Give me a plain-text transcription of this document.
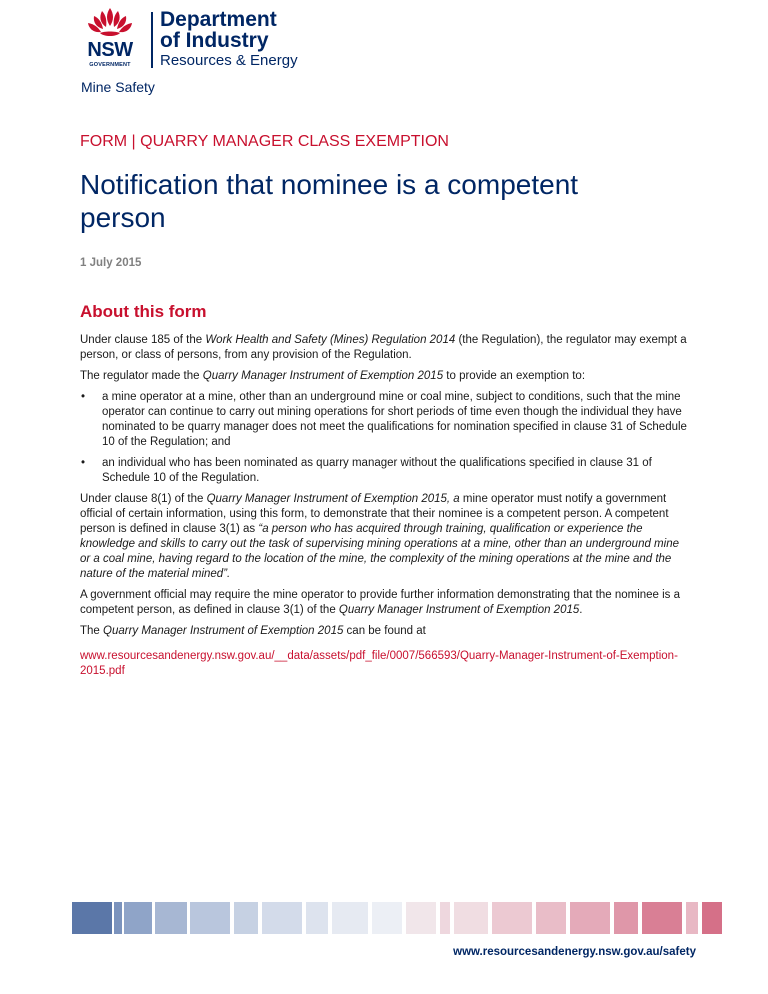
NSW
GOVERNMENT
Department
of Industry
Resources & Energy
Mine Safety
FORM | QUARRY MANAGER CLASS EXEMPTION
Notification that nominee is a competent person
1 July 2015
About this form

Under clause 185 of the Work Health and Safety (Mines) Regulation 2014 (the Regulation), the regulator may exempt a person, or class of persons, from any provision of the Regulation.

The regulator made the Quarry Manager Instrument of Exemption 2015 to provide an exemption to:

• a mine operator at a mine, other than an underground mine or coal mine, subject to conditions, such that the mine operator can continue to carry out mining operations for short periods of time even though the individual they have nominated to be quarry manager does not meet the qualifications for nomination specified in clause 31 of Schedule 10 of the Regulation; and
• an individual who has been nominated as quarry manager without the qualifications specified in clause 31 of Schedule 10 of the Regulation.

Under clause 8(1) of the Quarry Manager Instrument of Exemption 2015, a mine operator must notify a government official of certain information, using this form, to demonstrate that their nominee is a competent person. A competent person is defined in clause 3(1) as “a person who has acquired through training, qualification or experience the knowledge and skills to carry out the task of supervising mining operations at a mine, other than an underground mine or a coal mine, having regard to the location of the mine, the complexity of the mining operations at the mine and the nature of the material mined”.

A government official may require the mine operator to provide further information demonstrating that the nominee is a competent person, as defined in clause 3(1) of the Quarry Manager Instrument of Exemption 2015.

The Quarry Manager Instrument of Exemption 2015 can be found at

www.resourcesandenergy.nsw.gov.au/__data/assets/pdf_file/0007/566593/Quarry-Manager-Instrument-of-Exemption-2015.pdf

www.resourcesandenergy.nsw.gov.au/safety
